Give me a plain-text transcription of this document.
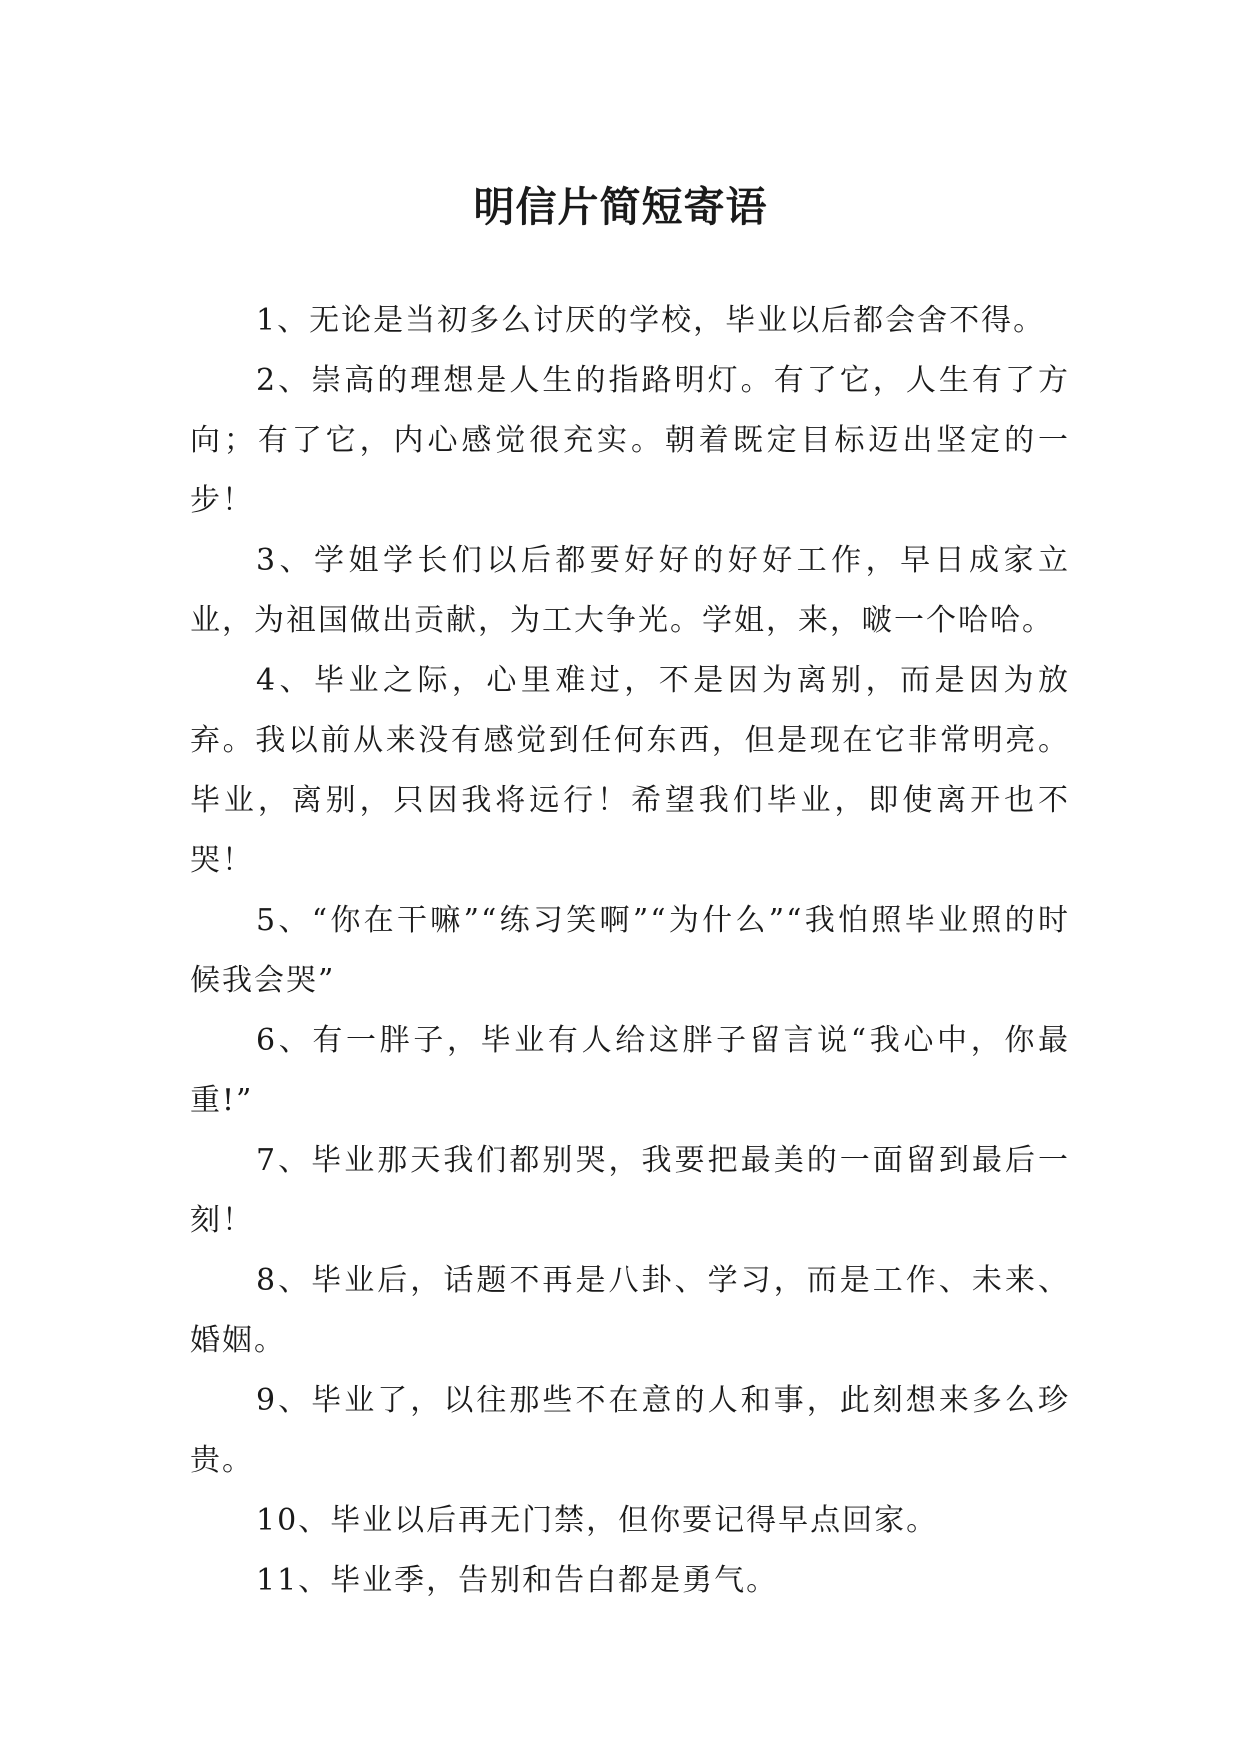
明信片简短寄语

1、无论是当初多么讨厌的学校，毕业以后都会舍不得。

2、崇高的理想是人生的指路明灯。有了它，人生有了方向；有了它，内心感觉很充实。朝着既定目标迈出坚定的一步！

3、学姐学长们以后都要好好的好好工作，早日成家立业，为祖国做出贡献，为工大争光。学姐，来，啵一个哈哈。

4、毕业之际，心里难过，不是因为离别，而是因为放弃。我以前从来没有感觉到任何东西，但是现在它非常明亮。毕业，离别，只因我将远行！希望我们毕业，即使离开也不哭！

5、“你在干嘛”“练习笑啊”“为什么”“我怕照毕业照的时候我会哭”

6、有一胖子，毕业有人给这胖子留言说“我心中，你最重!”

7、毕业那天我们都别哭，我要把最美的一面留到最后一刻！

8、毕业后，话题不再是八卦、学习，而是工作、未来、婚姻。

9、毕业了，以往那些不在意的人和事，此刻想来多么珍贵。

10、毕业以后再无门禁，但你要记得早点回家。

11、毕业季，告别和告白都是勇气。
